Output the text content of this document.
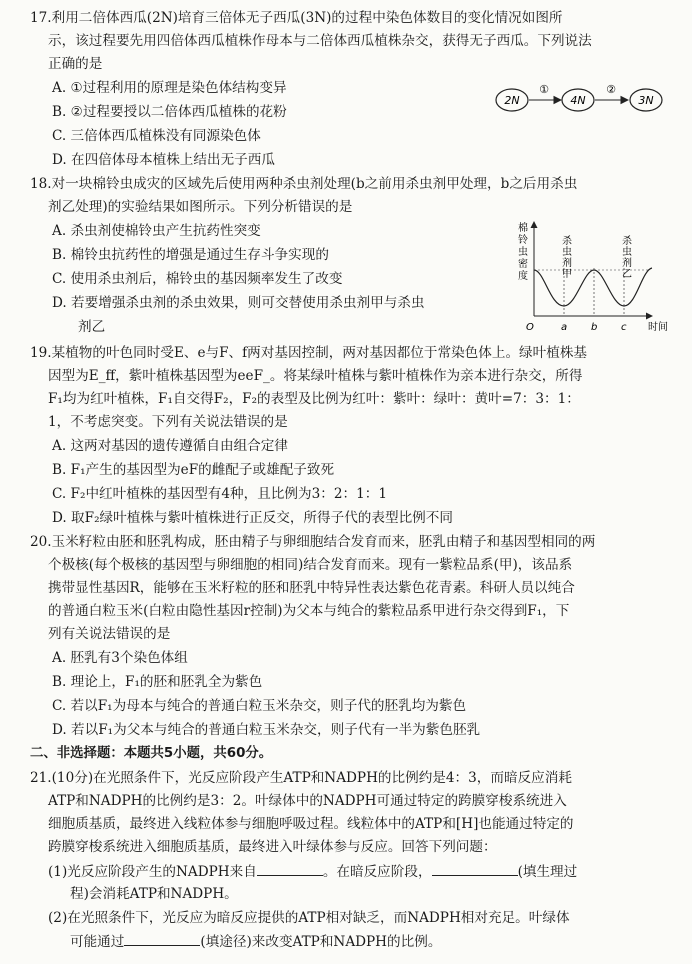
17.利用二倍体西瓜(2N)培育三倍体无子西瓜(3N)的过程中染色体数目的变化情况如图所
示，该过程要先用四倍体西瓜植株作母本与二倍体西瓜植株杂交，获得无子西瓜。下列说法
正确的是
A. ①过程利用的原理是染色体结构变异
B. ②过程要授以二倍体西瓜植株的花粉
C. 三倍体西瓜植株没有同源染色体
D. 在四倍体母本植株上结出无子西瓜
2N
①
4N
②
3N
18.对一块棉铃虫成灾的区域先后使用两种杀虫剂处理(b之前用杀虫剂甲处理，b之后用杀虫
剂乙处理)的实验结果如图所示。下列分析错误的是
A. 杀虫剂使棉铃虫产生抗药性突变
B. 棉铃虫抗药性的增强是通过生存斗争实现的
C. 使用杀虫剂后，棉铃虫的基因频率发生了改变
D. 若要增强杀虫剂的杀虫效果，则可交替使用杀虫剂甲与杀虫
剂乙
棉
铃
虫
密
度
杀
虫
剂
甲
杀
虫
剂
乙
O	a b c 时间
19.某植物的叶色同时受E、e与F、f两对基因控制，两对基因都位于常染色体上。绿叶植株基
因型为E_ff，紫叶植株基因型为eeF_。将某绿叶植株与紫叶植株作为亲本进行杂交，所得
F₁均为红叶植株，F₁自交得F₂，F₂的表型及比例为红叶：紫叶：绿叶：黄叶=7：3：1：
1，不考虑突变。下列有关说法错误的是
A. 这两对基因的遗传遵循自由组合定律
B. F₁产生的基因型为eF的雌配子或雄配子致死
C. F₂中红叶植株的基因型有4种，且比例为3：2：1：1
D. 取F₂绿叶植株与紫叶植株进行正反交，所得子代的表型比例不同
20.玉米籽粒由胚和胚乳构成，胚由精子与卵细胞结合发育而来，胚乳由精子和基因型相同的两
个极核(每个极核的基因型与卵细胞的相同)结合发育而来。现有一紫粒品系(甲)，该品系
携带显性基因R，能够在玉米籽粒的胚和胚乳中特异性表达紫色花青素。科研人员以纯合
的普通白粒玉米(白粒由隐性基因r控制)为父本与纯合的紫粒品系甲进行杂交得到F₁，下
列有关说法错误的是
A. 胚乳有3个染色体组
B. 理论上，F₁的胚和胚乳全为紫色
C. 若以F₁为母本与纯合的普通白粒玉米杂交，则子代的胚乳均为紫色
D. 若以F₁为父本与纯合的普通白粒玉米杂交，则子代有一半为紫色胚乳
二、非选择题：本题共5小题，共60分。
21.(10分)在光照条件下，光反应阶段产生ATP和NADPH的比例约是4：3，而暗反应消耗
ATP和NADPH的比例约是3：2。叶绿体中的NADPH可通过特定的跨膜穿梭系统进入
细胞质基质，最终进入线粒体参与细胞呼吸过程。线粒体中的ATP和[H]也能通过特定的
跨膜穿梭系统进入细胞质基质，最终进入叶绿体参与反应。回答下列问题：
(1)光反应阶段产生的NADPH来自	。在暗反应阶段，	(填生理过
程)会消耗ATP和NADPH。
(2)在光照条件下，光反应为暗反应提供的ATP相对缺乏，而NADPH相对充足。叶绿体
可能通过	(填途径)来改变ATP和NADPH的比例。
